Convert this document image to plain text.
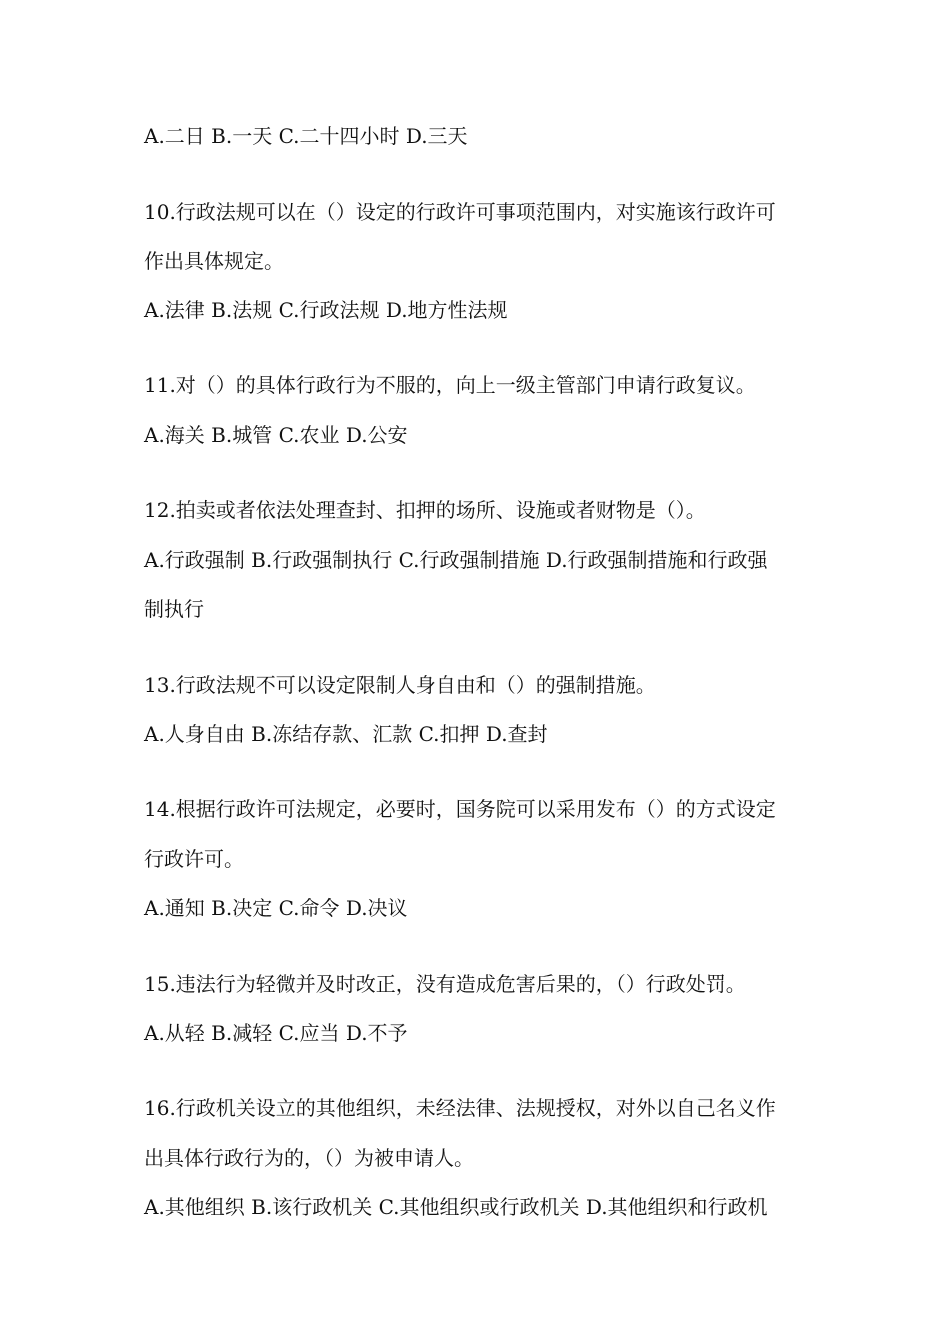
A.二日 B.一天 C.二十四小时 D.三天
10.行政法规可以在（）设定的行政许可事项范围内，对实施该行政许可
作出具体规定。
A.法律 B.法规 C.行政法规 D.地方性法规
11.对（）的具体行政行为不服的，向上一级主管部门申请行政复议。
A.海关 B.城管 C.农业 D.公安
12.拍卖或者依法处理查封、扣押的场所、设施或者财物是（）。
A.行政强制 B.行政强制执行 C.行政强制措施 D.行政强制措施和行政强
制执行
13.行政法规不可以设定限制人身自由和（）的强制措施。
A.人身自由 B.冻结存款、汇款 C.扣押 D.查封
14.根据行政许可法规定，必要时，国务院可以采用发布（）的方式设定
行政许可。
A.通知 B.决定 C.命令 D.决议
15.违法行为轻微并及时改正，没有造成危害后果的，（）行政处罚。
A.从轻 B.减轻 C.应当 D.不予
16.行政机关设立的其他组织，未经法律、法规授权，对外以自己名义作
出具体行政行为的，（）为被申请人。
A.其他组织 B.该行政机关 C.其他组织或行政机关 D.其他组织和行政机
